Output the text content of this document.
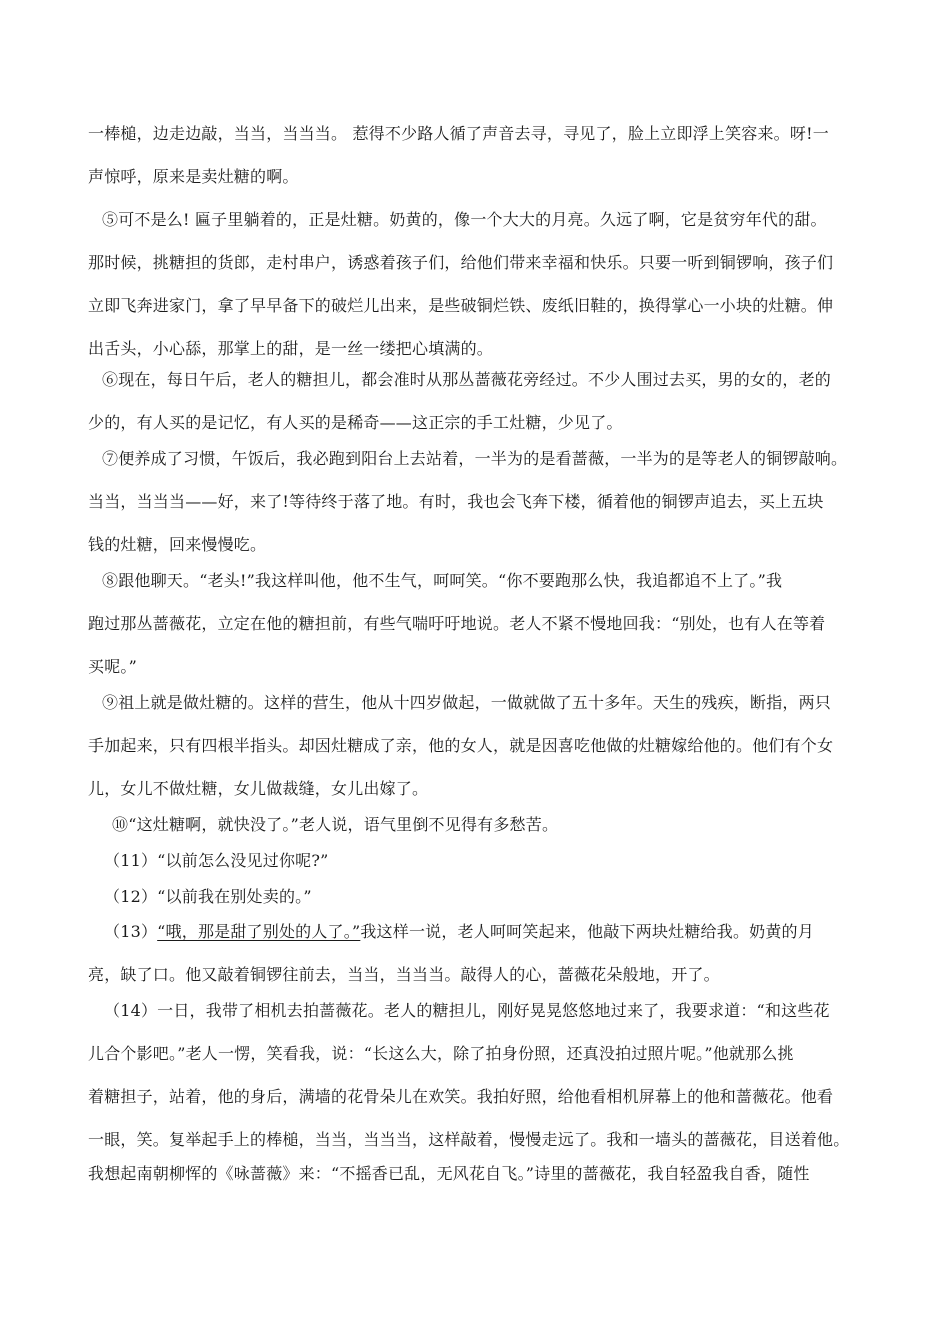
一棒槌，边走边敲，当当，当当当。 惹得不少路人循了声音去寻，寻见了，脸上立即浮上笑容来。呀!一
声惊呼，原来是卖灶糖的啊。
⑤可不是么! 匾子里躺着的，正是灶糖。奶黄的，像一个大大的月亮。久远了啊，它是贫穷年代的甜。
那时候，挑糖担的货郎，走村串户，诱惑着孩子们，给他们带来幸福和快乐。只要一听到铜锣响，孩子们
立即飞奔进家门，拿了早早备下的破烂儿出来，是些破铜烂铁、废纸旧鞋的，换得掌心一小块的灶糖。伸
出舌头，小心舔，那掌上的甜，是一丝一缕把心填满的。
⑥现在，每日午后，老人的糖担儿，都会准时从那丛蔷薇花旁经过。不少人围过去买，男的女的，老的
少的，有人买的是记忆，有人买的是稀奇——这正宗的手工灶糖，少见了。
⑦便养成了习惯，午饭后，我必跑到阳台上去站着，一半为的是看蔷薇，一半为的是等老人的铜锣敲响。
当当，当当当——好，来了!等待终于落了地。有时，我也会飞奔下楼，循着他的铜锣声追去，买上五块
钱的灶糖，回来慢慢吃。
⑧跟他聊天。“老头!”我这样叫他，他不生气，呵呵笑。“你不要跑那么快，我追都追不上了。”我
跑过那丛蔷薇花，立定在他的糖担前，有些气喘吁吁地说。老人不紧不慢地回我：“别处，也有人在等着
买呢。”
⑨祖上就是做灶糖的。这样的营生，他从十四岁做起，一做就做了五十多年。天生的残疾，断指，两只
手加起来，只有四根半指头。却因灶糖成了亲，他的女人，就是因喜吃他做的灶糖嫁给他的。他们有个女
儿，女儿不做灶糖，女儿做裁缝，女儿出嫁了。
⑩“这灶糖啊，就快没了。”老人说，语气里倒不见得有多愁苦。
（11）“以前怎么没见过你呢?”
（12）“以前我在别处卖的。”
（13）“哦，那是甜了别处的人了。”我这样一说，老人呵呵笑起来，他敲下两块灶糖给我。奶黄的月
亮，缺了口。他又敲着铜锣往前去，当当，当当当。敲得人的心，蔷薇花朵般地，开了。
（14）一日，我带了相机去拍蔷薇花。老人的糖担儿，刚好晃晃悠悠地过来了，我要求道：“和这些花
儿合个影吧。”老人一愣，笑看我，说：“长这么大，除了拍身份照，还真没拍过照片呢。”他就那么挑
着糖担子，站着，他的身后，满墙的花骨朵儿在欢笑。我拍好照，给他看相机屏幕上的他和蔷薇花。他看
一眼，笑。复举起手上的棒槌，当当，当当当，这样敲着，慢慢走远了。我和一墙头的蔷薇花，目送着他。
我想起南朝柳恽的《咏蔷薇》来：“不摇香已乱，无风花自飞。”诗里的蔷薇花，我自轻盈我自香，随性
